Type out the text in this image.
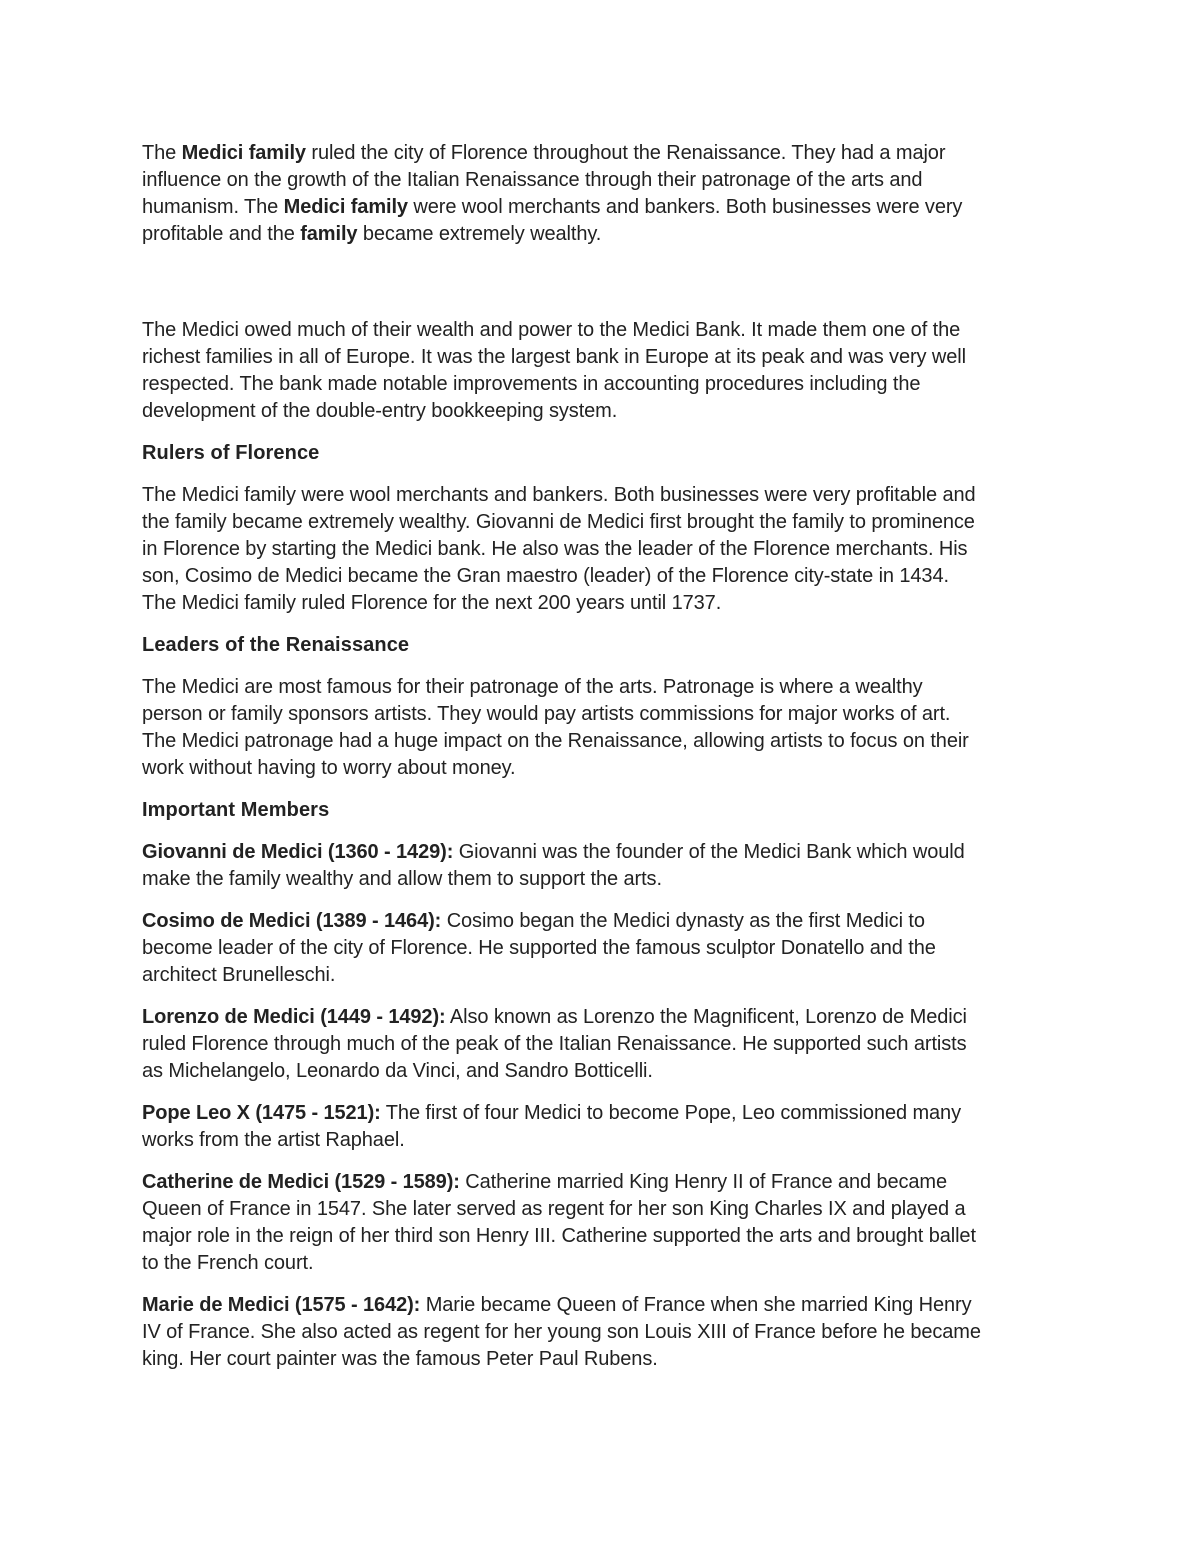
The Medici family ruled the city of Florence throughout the Renaissance. They had a major
influence on the growth of the Italian Renaissance through their patronage of the arts and
humanism. The Medici family were wool merchants and bankers. Both businesses were very
profitable and the family became extremely wealthy.
The Medici owed much of their wealth and power to the Medici Bank. It made them one of the
richest families in all of Europe. It was the largest bank in Europe at its peak and was very well
respected. The bank made notable improvements in accounting procedures including the
development of the double-entry bookkeeping system.
Rulers of Florence
The Medici family were wool merchants and bankers. Both businesses were very profitable and
the family became extremely wealthy. Giovanni de Medici first brought the family to prominence
in Florence by starting the Medici bank. He also was the leader of the Florence merchants. His
son, Cosimo de Medici became the Gran maestro (leader) of the Florence city-state in 1434.
The Medici family ruled Florence for the next 200 years until 1737.
Leaders of the Renaissance
The Medici are most famous for their patronage of the arts. Patronage is where a wealthy
person or family sponsors artists. They would pay artists commissions for major works of art.
The Medici patronage had a huge impact on the Renaissance, allowing artists to focus on their
work without having to worry about money.
Important Members
Giovanni de Medici (1360 - 1429): Giovanni was the founder of the Medici Bank which would
make the family wealthy and allow them to support the arts.
Cosimo de Medici (1389 - 1464): Cosimo began the Medici dynasty as the first Medici to
become leader of the city of Florence. He supported the famous sculptor Donatello and the
architect Brunelleschi.
Lorenzo de Medici (1449 - 1492): Also known as Lorenzo the Magnificent, Lorenzo de Medici
ruled Florence through much of the peak of the Italian Renaissance. He supported such artists
as Michelangelo, Leonardo da Vinci, and Sandro Botticelli.
Pope Leo X (1475 - 1521): The first of four Medici to become Pope, Leo commissioned many
works from the artist Raphael.
Catherine de Medici (1529 - 1589): Catherine married King Henry II of France and became
Queen of France in 1547. She later served as regent for her son King Charles IX and played a
major role in the reign of her third son Henry III. Catherine supported the arts and brought ballet
to the French court.
Marie de Medici (1575 - 1642): Marie became Queen of France when she married King Henry
IV of France. She also acted as regent for her young son Louis XIII of France before he became
king. Her court painter was the famous Peter Paul Rubens.
